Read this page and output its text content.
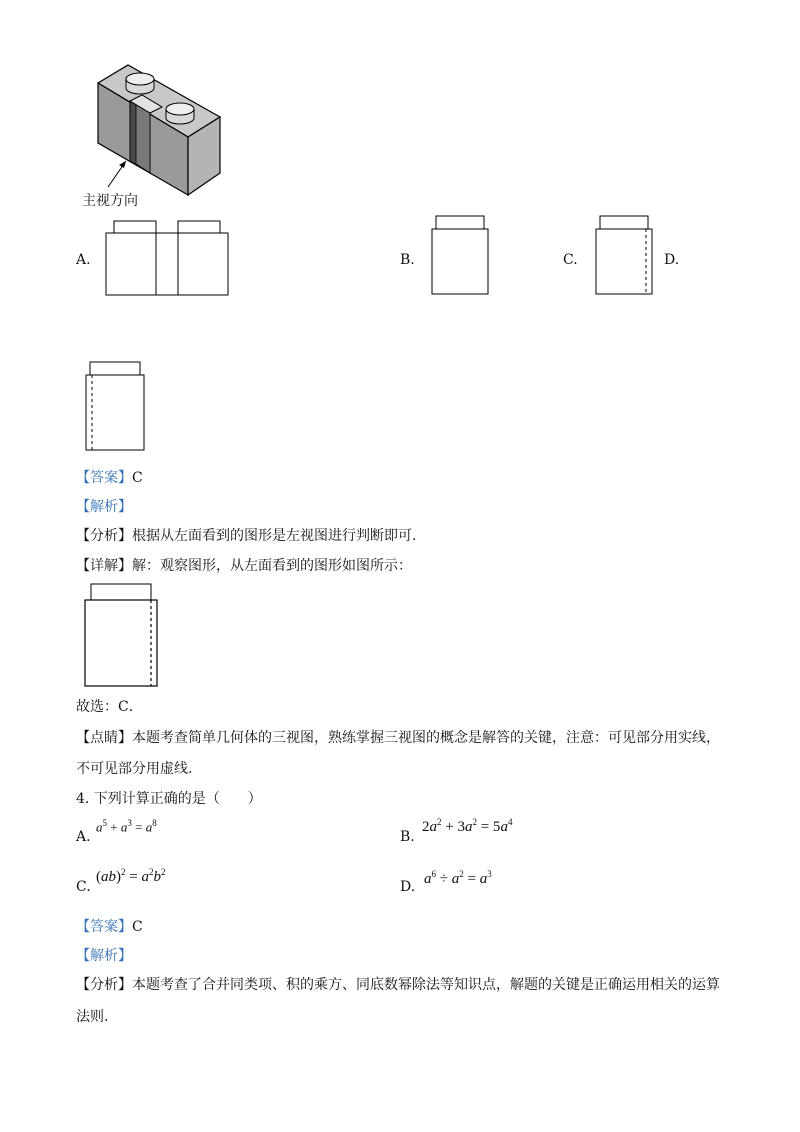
主视方向
A.	B.	C.	D.
【答案】C
【解析】
【分析】根据从左面看到的图形是左视图进行判断即可.
【详解】解：观察图形，从左面看到的图形如图所示：
故选：C．
【点睛】本题考查简单几何体的三视图，熟练掌握三视图的概念是解答的关键，注意：可见部分用实线，
不可见部分用虚线.
4. 下列计算正确的是（　　）
A.
$a^5 + a^3 = a^8$
B.
$2a^2 + 3a^2 = 5a^4$
C.
$(ab)^2 = a^2b^2$
D. $a^6 \div a^2 = a^3$
【答案】C
【解析】
【分析】本题考查了合并同类项、积的乘方、同底数幂除法等知识点，解题的关键是正确运用相关的运算
法则.
